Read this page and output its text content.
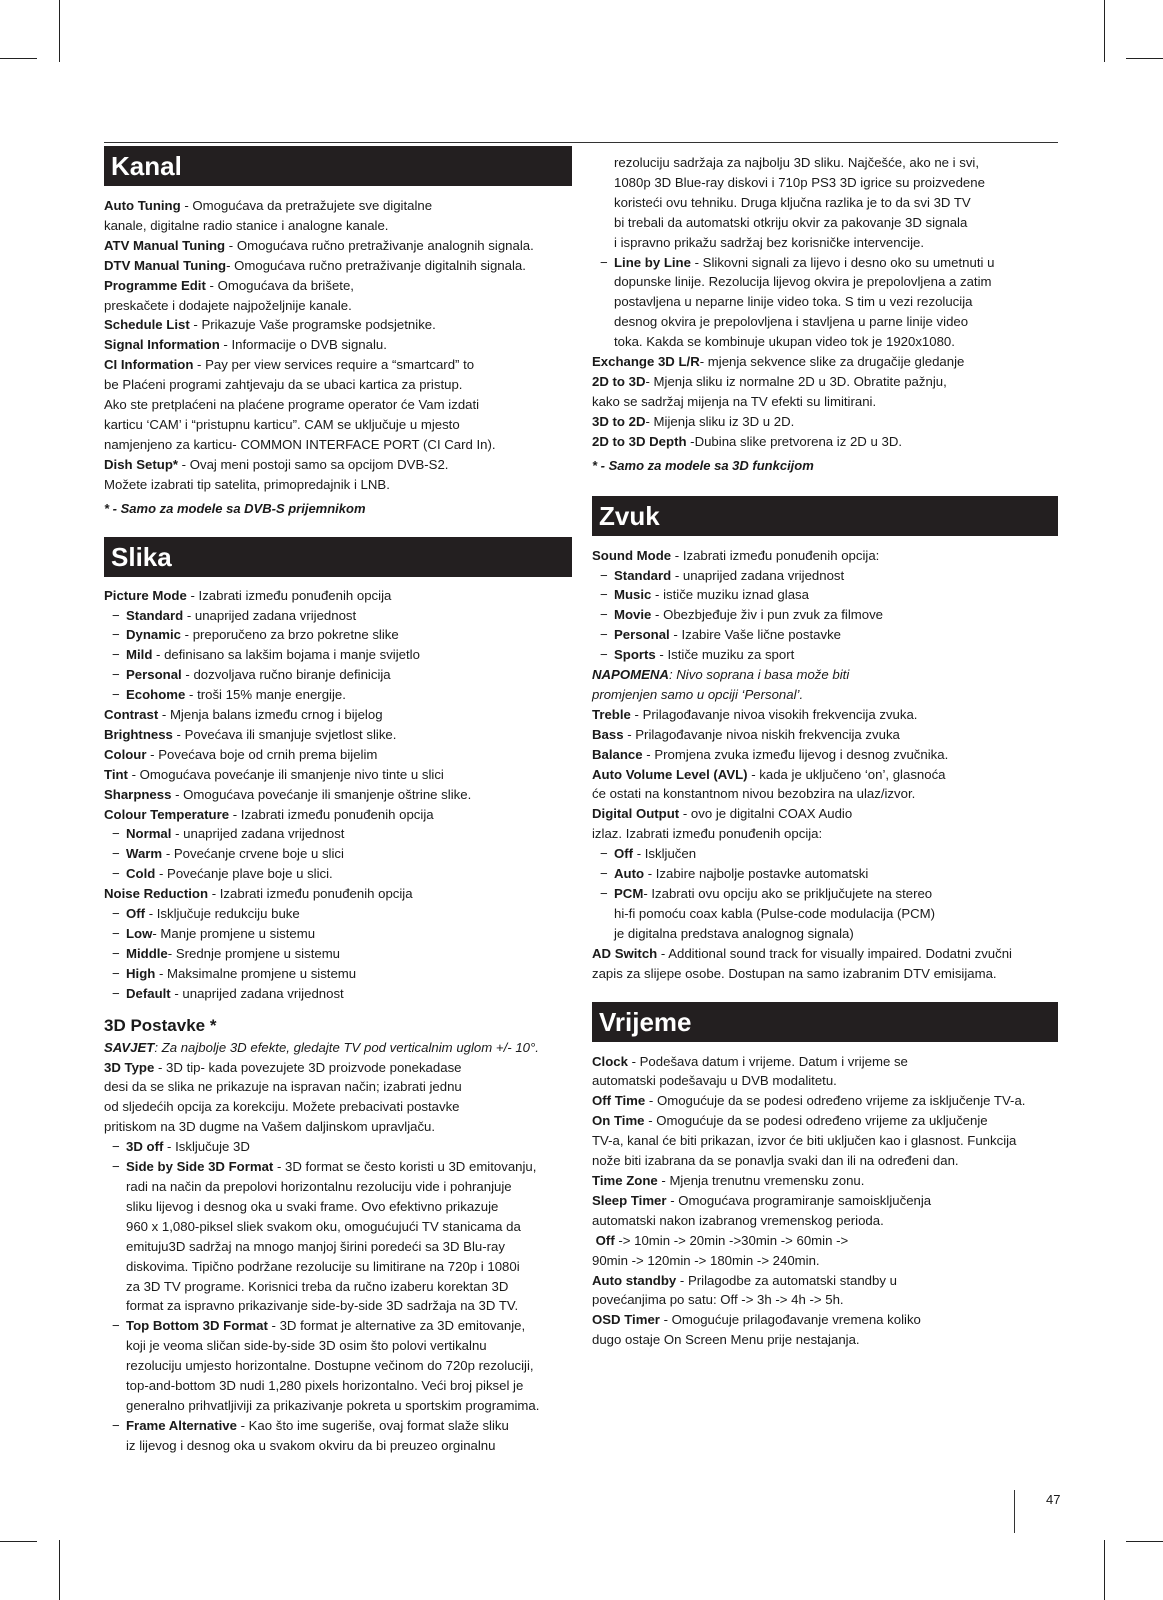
Kanal
Auto Tuning - Omogućava da pretražujete sve digitalne
kanale, digitalne radio stanice i analogne kanale.
ATV Manual Tuning - Omogućava ručno pretraživanje analognih signala.
DTV Manual Tuning- Omogućava ručno pretraživanje digitalnih signala.
Programme Edit - Omogućava da brišete,
preskačete i dodajete najpoželjnije kanale.
Schedule List - Prikazuje Vaše programske podsjetnike.
Signal Information - Informacije o DVB signalu.
CI Information - Pay per view services require a “smartcard” to
be Plaćeni programi zahtjevaju da se ubaci kartica za pristup.
Ako ste pretplaćeni na plaćene programe operator će Vam izdati
karticu ‘CAM’ i “pristupnu karticu”. CAM se uključuje u mjesto
namjenjeno za karticu- COMMON INTERFACE PORT (CI Card In).
Dish Setup* - Ovaj meni postoji samo sa opcijom DVB-S2.
Možete izabrati tip satelita, primopredajnik i LNB.
* - Samo za modele sa DVB-S prijemnikom
Slika
Picture Mode - Izabrati između ponuđenih opcija
− Standard - unaprijed zadana vrijednost
− Dynamic - preporučeno za brzo pokretne slike
− Mild - definisano sa lakšim bojama i manje svijetlo
− Personal - dozvoljava ručno biranje definicija
− Ecohome - troši 15% manje energije.
Contrast - Mjenja balans između crnog i bijelog
Brightness - Povećava ili smanjuje svjetlost slike.
Colour - Povećava boje od crnih prema bijelim
Tint - Omogućava povećanje ili smanjenje nivo tinte u slici
Sharpness - Omogućava povećanje ili smanjenje oštrine slike.
Colour Temperature - Izabrati između ponuđenih opcija
− Normal - unaprijed zadana vrijednost
− Warm - Povećanje crvene boje u slici
− Cold - Povećanje plave boje u slici.
Noise Reduction - Izabrati između ponuđenih opcija
− Off - Isključuje redukciju buke
− Low- Manje promjene u sistemu
− Middle- Srednje promjene u sistemu
− High - Maksimalne promjene u sistemu
− Default - unaprijed zadana vrijednost
3D Postavke *
SAVJET: Za najbolje 3D efekte, gledajte TV pod verticalnim uglom +/- 10°.
3D Type - 3D tip- kada povezujete 3D proizvode ponekadase
desi da se slika ne prikazuje na ispravan način; izabrati jednu
od sljedećih opcija za korekciju. Možete prebacivati postavke
pritiskom na 3D dugme na Vašem daljinskom upravljaču.
− 3D off - Isključuje 3D
− Side by Side 3D Format - 3D format se često koristi u 3D emitovanju,
radi na način da prepolovi horizontalnu rezoluciju vide i pohranjuje
sliku lijevog i desnog oka u svaki frame. Ovo efektivno prikazuje
960 x 1,080-piksel sliek svakom oku, omogućujući TV stanicama da
emituju3D sadržaj na mnogo manjoj širini poredeći sa 3D Blu-ray
diskovima. Tipično podržane rezolucije su limitirane na 720p i 1080i
za 3D TV programe. Korisnici treba da ručno izaberu korektan 3D
format za ispravno prikazivanje side-by-side 3D sadržaja na 3D TV.
− Top Bottom 3D Format - 3D format je alternative za 3D emitovanje,
koji je veoma sličan side-by-side 3D osim što polovi vertikalnu
rezoluciju umjesto horizontalne. Dostupne večinom do 720p rezoluciji,
top-and-bottom 3D nudi 1,280 pixels horizontalno. Veći broj piksel je
generalno prihvatljiviji za prikazivanje pokreta u sportskim programima.
− Frame Alternative - Kao što ime sugeriše, ovaj format slaže sliku
iz lijevog i desnog oka u svakom okviru da bi preuzeo orginalnu
rezoluciju sadržaja za najbolju 3D sliku. Najčešće, ako ne i svi,
1080p 3D Blue-ray diskovi i 710p PS3 3D igrice su proizvedene
koristeći ovu tehniku. Druga ključna razlika je to da svi 3D TV
bi trebali da automatski otkriju okvir za pakovanje 3D signala
i ispravno prikažu sadržaj bez korisničke intervencije.
− Line by Line - Slikovni signali za lijevo i desno oko su umetnuti u
dopunske linije. Rezolucija lijevog okvira je prepolovljena a zatim
postavljena u neparne linije video toka. S tim u vezi rezolucija
desnog okvira je prepolovljena i stavljena u parne linije video
toka. Kakda se kombinuje ukupan video tok je 1920x1080.
Exchange 3D L/R- mjenja sekvence slike za drugačije gledanje
2D to 3D- Mjenja sliku iz normalne 2D u 3D. Obratite pažnju,
kako se sadržaj mijenja na TV efekti su limitirani.
3D to 2D- Mijenja sliku iz 3D u 2D.
2D to 3D Depth -Dubina slike pretvorena iz 2D u 3D.
* - Samo za modele sa 3D funkcijom
Zvuk
Sound Mode - Izabrati između ponuđenih opcija:
− Standard - unaprijed zadana vrijednost
− Music - ističe muziku iznad glasa
− Movie - Obezbjeđuje živ i pun zvuk za filmove
− Personal - Izabire Vaše lične postavke
− Sports - Ističe muziku za sport
NAPOMENA: Nivo soprana i basa može biti
promjenjen samo u opciji ‘Personal’.
Treble - Prilagođavanje nivoa visokih frekvencija zvuka.
Bass - Prilagođavanje nivoa niskih frekvencija zvuka
Balance - Promjena zvuka između lijevog i desnog zvučnika.
Auto Volume Level (AVL) - kada je uključeno ‘on’, glasnoća
će ostati na konstantnom nivou bezobzira na ulaz/izvor.
Digital Output - ovo je digitalni COAX Audio
izlaz. Izabrati između ponuđenih opcija:
− Off - Isključen
− Auto - Izabire najbolje postavke automatski
− PCM- Izabrati ovu opciju ako se priključujete na stereo
hi-fi pomoću coax kabla (Pulse-code modulacija (PCM)
je digitalna predstava analognog signala)
AD Switch - Additional sound track for visually impaired. Dodatni zvučni
zapis za slijepe osobe. Dostupan na samo izabranim DTV emisijama.
Vrijeme
Clock - Podešava datum i vrijeme. Datum i vrijeme se
automatski podešavaju u DVB modalitetu.
Off Time - Omogućuje da se podesi određeno vrijeme za isključenje TV-a.
On Time - Omogućuje da se podesi određeno vrijeme za uključenje
TV-a, kanal će biti prikazan, izvor će biti uključen kao i glasnost. Funkcija
nože biti izabrana da se ponavlja svaki dan ili na određeni dan.
Time Zone - Mjenja trenutnu vremensku zonu.
Sleep Timer - Omogućava programiranje samoisključenja
automatski nakon izabranog vremenskog perioda.
Off -> 10min -> 20min ->30min -> 60min ->
90min -> 120min -> 180min -> 240min.
Auto standby - Prilagodbe za automatski standby u
povećanjima po satu: Off -> 3h -> 4h -> 5h.
OSD Timer - Omogućuje prilagođavanje vremena koliko
dugo ostaje On Screen Menu prije nestajanja.
47
